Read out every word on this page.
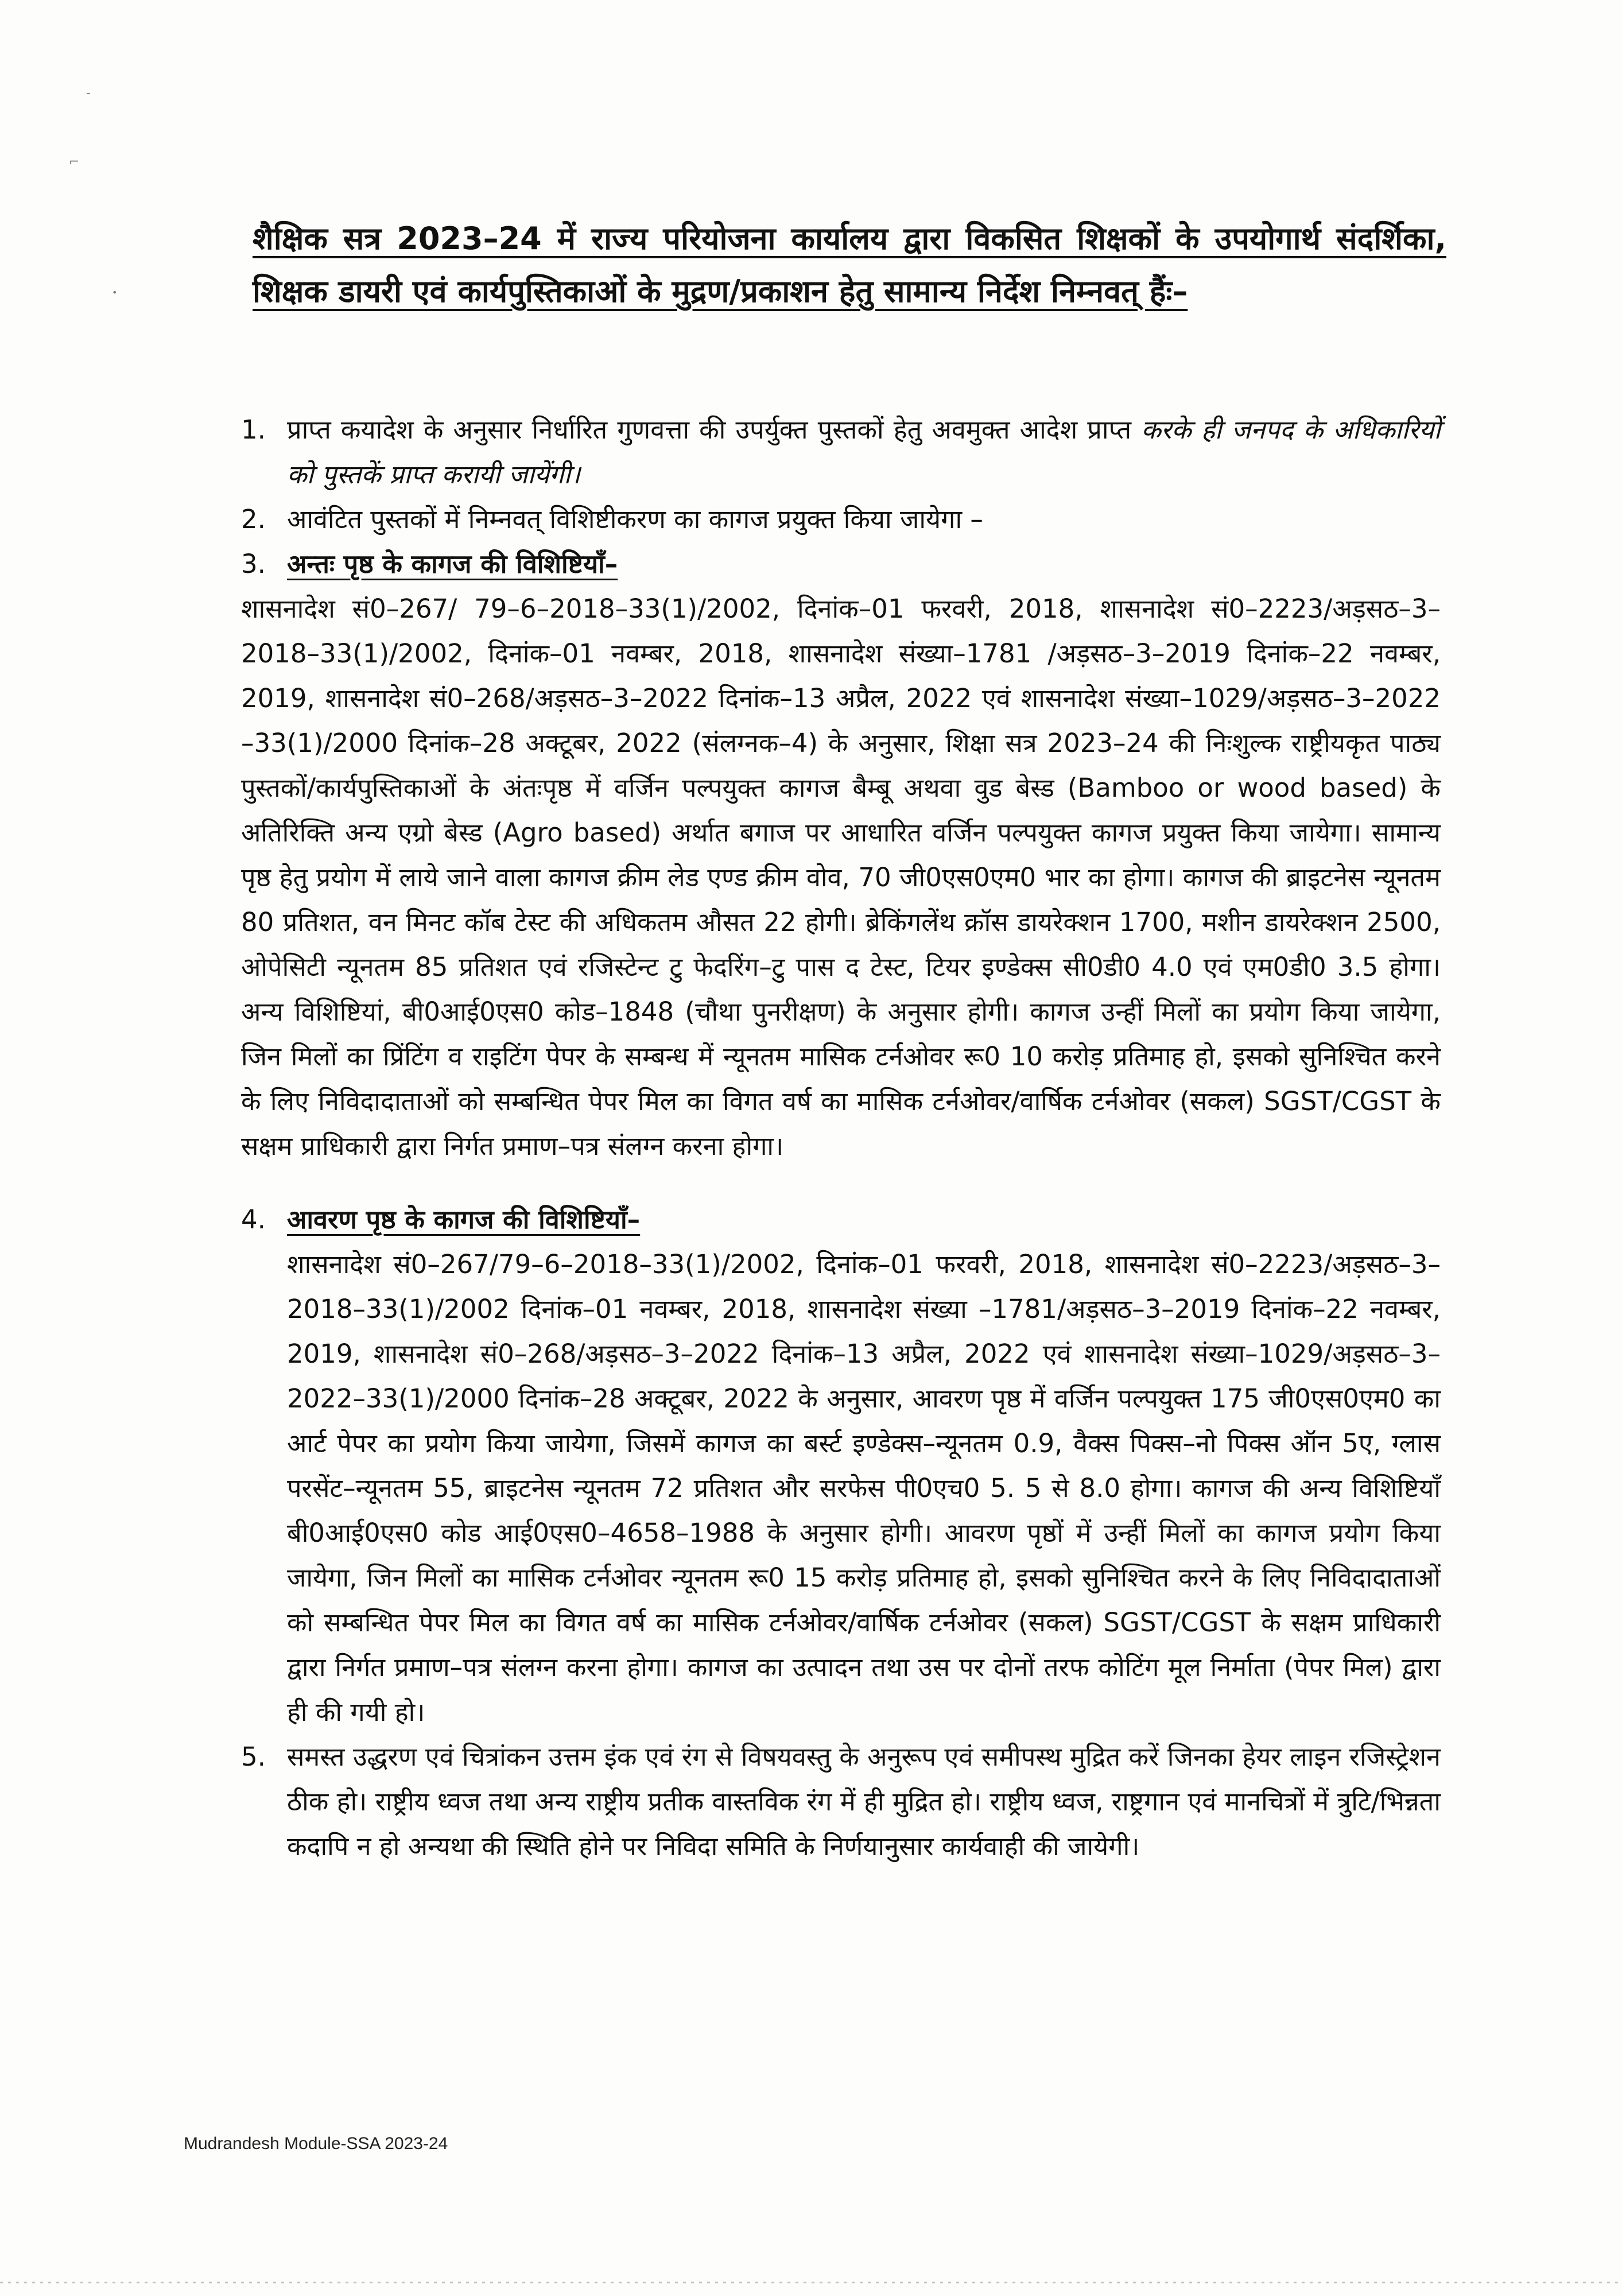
-
⌐
•
शैक्षिक सत्र 2023–24 में राज्य परियोजना कार्यालय द्वारा विकसित शिक्षकों के उपयोगार्थ संदर्शिका, शिक्षक डायरी एवं कार्यपुस्तिकाओं के मुद्रण/प्रकाशन हेतु सामान्य निर्देश निम्नवत् हैंः–
1. प्राप्त कयादेश के अनुसार निर्धारित गुणवत्ता की उपर्युक्त पुस्तकों हेतु अवमुक्त आदेश प्राप्त करके ही जनपद के अधिकारियों को पुस्तकें प्राप्त करायी जायेंगी।
2. आवंटित पुस्तकों में निम्नवत् विशिष्टीकरण का कागज प्रयुक्त किया जायेगा –
3. अन्तः पृष्ठ के कागज की विशिष्टियाँ–
शासनादेश सं0–267/ 79–6–2018–33(1)/2002, दिनांक–01 फरवरी, 2018, शासनादेश सं0–2223/अड़सठ–3–2018–33(1)/2002, दिनांक–01 नवम्बर, 2018, शासनादेश संख्या–1781 /अड़सठ–3–2019 दिनांक–22 नवम्बर, 2019, शासनादेश सं0–268/अड़सठ–3–2022 दिनांक–13 अप्रैल, 2022 एवं शासनादेश संख्या–1029/अड़सठ–3–2022 –33(1)/2000 दिनांक–28 अक्टूबर, 2022 (संलग्नक–4) के अनुसार, शिक्षा सत्र 2023–24 की निःशुल्क राष्ट्रीयकृत पाठ्य पुस्तकों/कार्यपुस्तिकाओं के अंतःपृष्ठ में वर्जिन पल्पयुक्त कागज बैम्बू अथवा वुड बेस्ड (Bamboo or wood based) के अतिरिक्ति अन्य एग्रो बेस्ड (Agro based) अर्थात बगाज पर आधारित वर्जिन पल्पयुक्त कागज प्रयुक्त किया जायेगा। सामान्य पृष्ठ हेतु प्रयोग में लाये जाने वाला कागज क्रीम लेड एण्ड क्रीम वोव, 70 जी0एस0एम0 भार का होगा। कागज की ब्राइटनेस न्यूनतम 80 प्रतिशत, वन मिनट कॉब टेस्ट की अधिकतम औसत 22 होगी। ब्रेकिंगलेंथ क्रॉस डायरेक्शन 1700, मशीन डायरेक्शन 2500, ओपेसिटी न्यूनतम 85 प्रतिशत एवं रजिस्टेन्ट टु फेदरिंग–टु पास द टेस्ट, टियर इण्डेक्स सी0डी0 4.0 एवं एम0डी0 3.5 होगा। अन्य विशिष्टियां, बी0आई0एस0 कोड–1848 (चौथा पुनरीक्षण) के अनुसार होगी। कागज उन्हीं मिलों का प्रयोग किया जायेगा, जिन मिलों का प्रिंटिंग व राइटिंग पेपर के सम्बन्ध में न्यूनतम मासिक टर्नओवर रू0 10 करोड़ प्रतिमाह हो, इसको सुनिश्चित करने के लिए निविदादाताओं को सम्बन्धित पेपर मिल का विगत वर्ष का मासिक टर्नओवर/वार्षिक टर्नओवर (सकल) SGST/CGST के सक्षम प्राधिकारी द्वारा निर्गत प्रमाण–पत्र संलग्न करना होगा।
4. आवरण पृष्ठ के कागज की विशिष्टियाँ–
शासनादेश सं0–267/79–6–2018–33(1)/2002, दिनांक–01 फरवरी, 2018, शासनादेश सं0–2223/अड़सठ–3–2018–33(1)/2002 दिनांक–01 नवम्बर, 2018, शासनादेश संख्या –1781/अड़सठ–3–2019 दिनांक–22 नवम्बर, 2019, शासनादेश सं0–268/अड़सठ–3–2022 दिनांक–13 अप्रैल, 2022 एवं शासनादेश संख्या–1029/अड़सठ–3–2022–33(1)/2000 दिनांक–28 अक्टूबर, 2022 के अनुसार, आवरण पृष्ठ में वर्जिन पल्पयुक्त 175 जी0एस0एम0 का आर्ट पेपर का प्रयोग किया जायेगा, जिसमें कागज का बर्स्ट इण्डेक्स–न्यूनतम 0.9, वैक्स पिक्स–नो पिक्स ऑन 5ए, ग्लास परसेंट–न्यूनतम 55, ब्राइटनेस न्यूनतम 72 प्रतिशत और सरफेस पी0एच0 5. 5 से 8.0 होगा। कागज की अन्य विशिष्टियाँ बी0आई0एस0 कोड आई0एस0–4658–1988 के अनुसार होगी। आवरण पृष्ठों में उन्हीं मिलों का कागज प्रयोग किया जायेगा, जिन मिलों का मासिक टर्नओवर न्यूनतम रू0 15 करोड़ प्रतिमाह हो, इसको सुनिश्चित करने के लिए निविदादाताओं को सम्बन्धित पेपर मिल का विगत वर्ष का मासिक टर्नओवर/वार्षिक टर्नओवर (सकल) SGST/CGST के सक्षम प्राधिकारी द्वारा निर्गत प्रमाण–पत्र संलग्न करना होगा। कागज का उत्पादन तथा उस पर दोनों तरफ कोटिंग मूल निर्माता (पेपर मिल) द्वारा ही की गयी हो।
5. समस्त उद्धरण एवं चित्रांकन उत्तम इंक एवं रंग से विषयवस्तु के अनुरूप एवं समीपस्थ मुद्रित करें जिनका हेयर लाइन रजिस्ट्रेशन ठीक हो। राष्ट्रीय ध्वज तथा अन्य राष्ट्रीय प्रतीक वास्तविक रंग में ही मुद्रित हो। राष्ट्रीय ध्वज, राष्ट्रगान एवं मानचित्रों में त्रुटि/भिन्नता कदापि न हो अन्यथा की स्थिति होने पर निविदा समिति के निर्णयानुसार कार्यवाही की जायेगी।
Mudrandesh Module-SSA 2023-24
